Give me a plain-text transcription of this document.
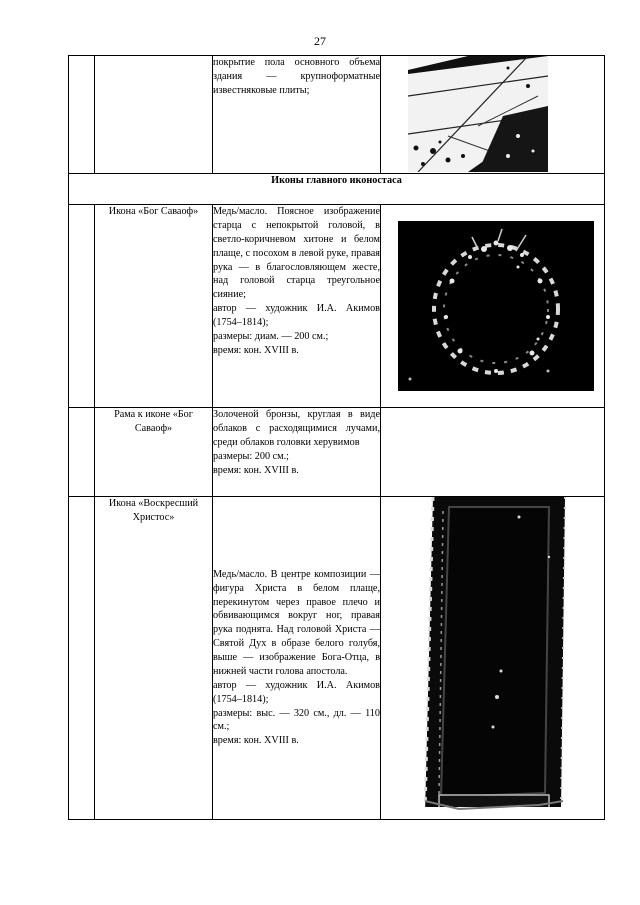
27

		покрытие пола основного объема здания — крупноформатные известняковые плиты;

Иконы главного иконостаса			
	Икона «Бог Саваоф»	Медь/масло. Поясное изображение старца с непокрытой головой, в светло-коричневом хитоне и белом плаще, с посохом в левой руке, правая рука — в благословляющем жесте, над головой старца треугольное сияние;
автор — художник И.А. Акимов (1754–1814);
размеры: диам. — 200 см.;
время: кон. XVIII в.

	Рама к иконе «Бог Саваоф»	Золоченой бронзы, круглая в виде облаков с расходящимися лучами, среди облаков головки херувимов
размеры: 200 см.;
время: кон. XVIII в.	

	Икона «Воскресший Христос»	Медь/масло. В центре композиции — фигура Христа в белом плаще, перекинутом через правое плечо и обвивающимся вокруг ног, правая рука поднята. Над головой Христа — Святой Дух в образе белого голубя, выше — изображение Бога-Отца, в нижней части голова апостола.
автор — художник И.А. Акимов (1754–1814);
размеры: выс. — 320 см., дл. — 110 см.;
время: кон. XVIII в.
